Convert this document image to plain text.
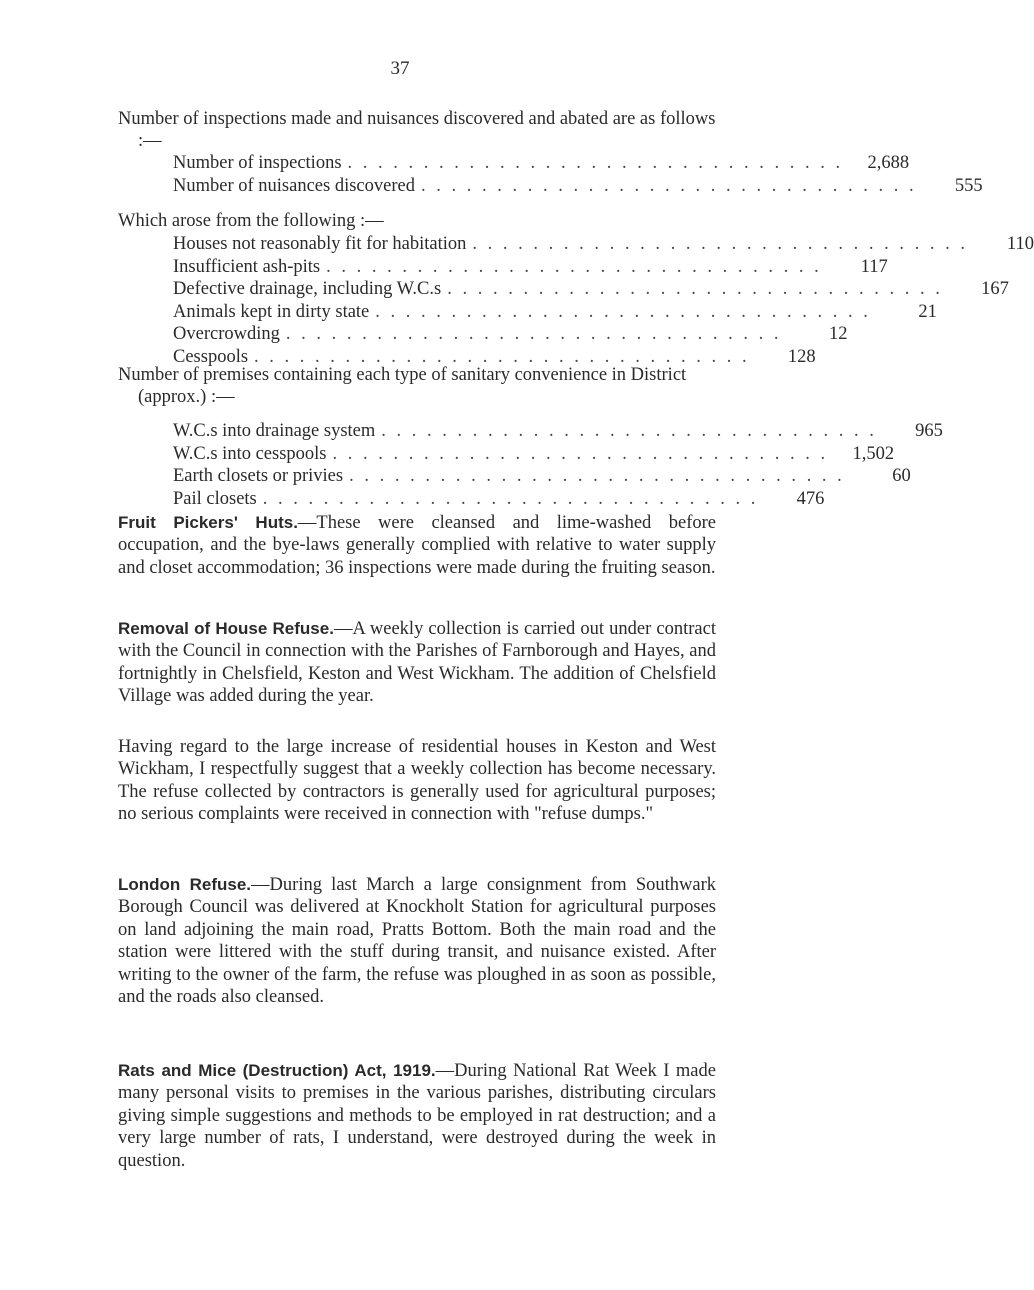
37
Number of inspections made and nuisances discovered and abated are as follows :—
Number of inspections . . . . . . . . . . . . . . . . . . . . . . . . . . . . . . . . .	2,688
Number of nuisances discovered . . . . . . . . . . . . . . . . . . . . . . . . . . . . . . . . .	555
Which arose from the following :—
Houses not reasonably fit for habitation . . . . . . . . . . . . . . . . . . . . . . . . . . . . . . . . .	110
Insufficient ash-pits . . . . . . . . . . . . . . . . . . . . . . . . . . . . . . . . .	117
Defective drainage, including W.C.s . . . . . . . . . . . . . . . . . . . . . . . . . . . . . . . . .	167
Animals kept in dirty state . . . . . . . . . . . . . . . . . . . . . . . . . . . . . . . . .	21
Overcrowding . . . . . . . . . . . . . . . . . . . . . . . . . . . . . . . . .	12
Cesspools . . . . . . . . . . . . . . . . . . . . . . . . . . . . . . . . .	128
Number of premises containing each type of sanitary convenience in District (approx.) :—
W.C.s into drainage system . . . . . . . . . . . . . . . . . . . . . . . . . . . . . . . . .	965
W.C.s into cesspools . . . . . . . . . . . . . . . . . . . . . . . . . . . . . . . . .	1,502
Earth closets or privies . . . . . . . . . . . . . . . . . . . . . . . . . . . . . . . . .	60
Pail closets . . . . . . . . . . . . . . . . . . . . . . . . . . . . . . . . .	476

Fruit Pickers' Huts.—These were cleansed and lime-washed before occupation, and the bye-laws generally complied with relative to water supply and closet accommodation; 36 inspections were made during the fruiting season.

Removal of House Refuse.—A weekly collection is carried out under contract with the Council in connection with the Parishes of Farnborough and Hayes, and fortnightly in Chelsfield, Keston and West Wickham. The addition of Chelsfield Village was added during the year.

Having regard to the large increase of residential houses in Keston and West Wickham, I respectfully suggest that a weekly collection has become necessary. The refuse collected by contractors is generally used for agricultural purposes; no serious complaints were received in connection with "refuse dumps."

London Refuse.—During last March a large consignment from Southwark Borough Council was delivered at Knockholt Station for agricultural purposes on land adjoining the main road, Pratts Bottom. Both the main road and the station were littered with the stuff during transit, and nuisance existed. After writing to the owner of the farm, the refuse was ploughed in as soon as possible, and the roads also cleansed.

Rats and Mice (Destruction) Act, 1919.—During National Rat Week I made many personal visits to premises in the various parishes, distributing circulars giving simple suggestions and methods to be employed in rat destruction; and a very large number of rats, I understand, were destroyed during the week in question.
